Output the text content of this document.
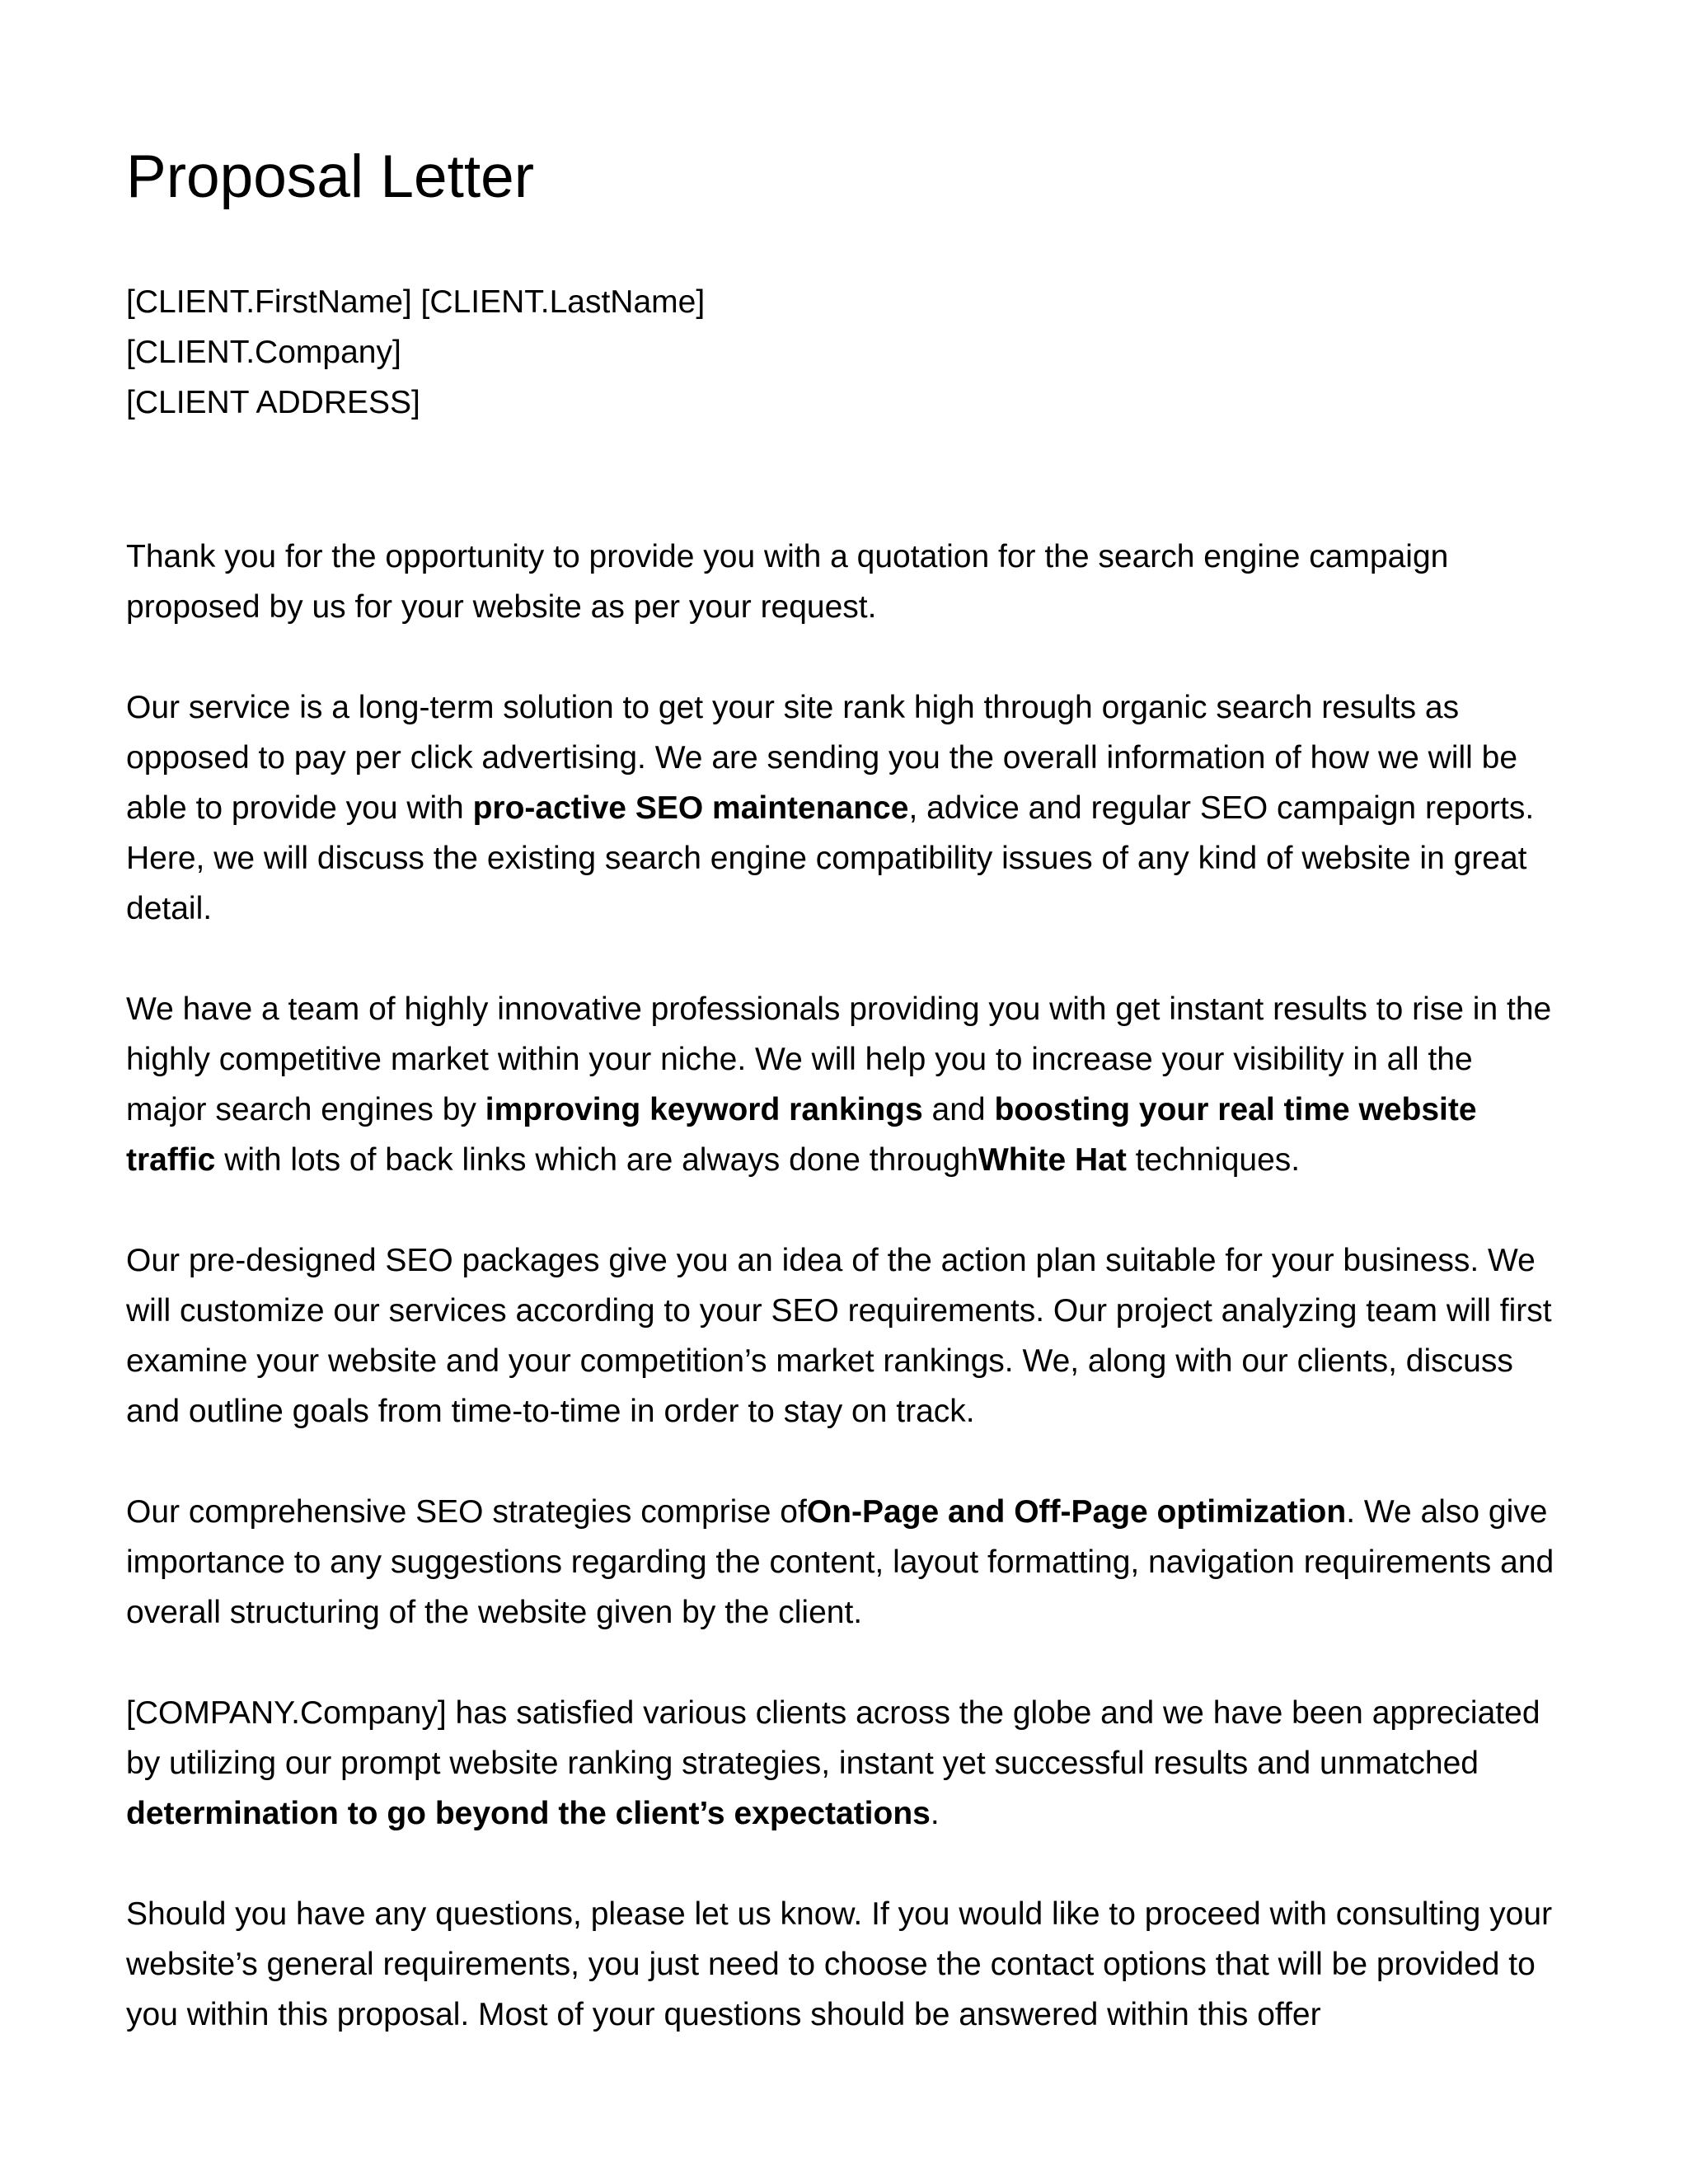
Proposal Letter
[CLIENT.FirstName] [CLIENT.LastName]
[CLIENT.Company]
[CLIENT ADDRESS]

Thank you for the opportunity to provide you with a quotation for the search engine campaign proposed by us for your website as per your request.

Our service is a long-term solution to get your site rank high through organic search results as opposed to pay per click advertising. We are sending you the overall information of how we will be able to provide you with pro-active SEO maintenance, advice and regular SEO campaign reports. Here, we will discuss the existing search engine compatibility issues of any kind of website in great detail.

We have a team of highly innovative professionals providing you with get instant results to rise in the highly competitive market within your niche. We will help you to increase your visibility in all the major search engines by improving keyword rankings and boosting your real time website traffic with lots of back links which are always done throughWhite Hat techniques.

Our pre-designed SEO packages give you an idea of the action plan suitable for your business. We will customize our services according to your SEO requirements. Our project analyzing team will first examine your website and your competition’s market rankings. We, along with our clients, discuss and outline goals from time-to-time in order to stay on track.

Our comprehensive SEO strategies comprise ofOn-Page and Off-Page optimization. We also give importance to any suggestions regarding the content, layout formatting, navigation requirements and overall structuring of the website given by the client.

[COMPANY.Company] has satisfied various clients across the globe and we have been appreciated by utilizing our prompt website ranking strategies, instant yet successful results and unmatched determination to go beyond the client’s expectations.

Should you have any questions, please let us know. If you would like to proceed with consulting your website’s general requirements, you just need to choose the contact options that will be provided to you within this proposal. Most of your questions should be answered within this offer
